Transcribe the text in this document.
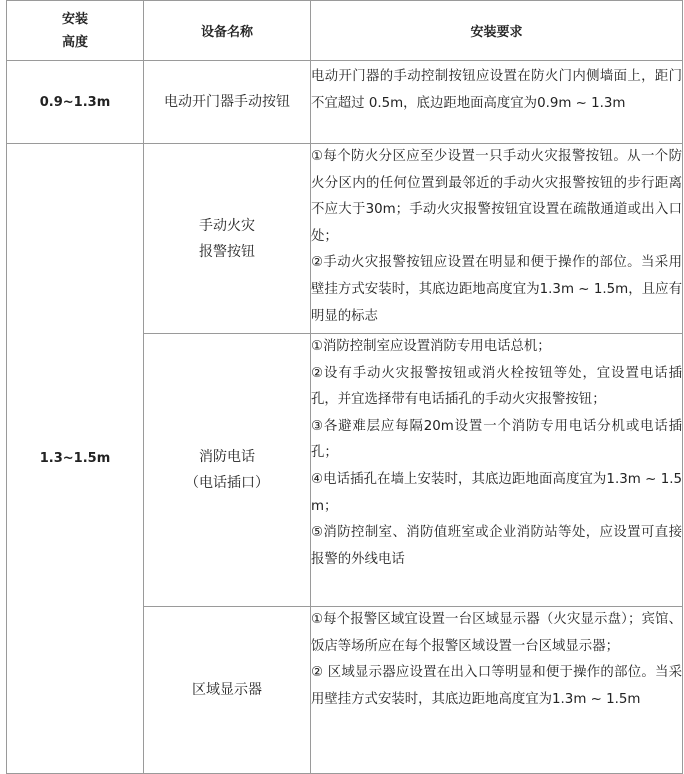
安装
高度	设备名称	安装要求
0.9~1.3m	电动开门器手动按钮	电动开门器的手动控制按钮应设置在防火门内侧墙面上，距门不宜超过 0.5m，底边距地面高度宜为0.9m ~ 1.3m

1.3~1.5m	手动火灾
报警按钮	①每个防火分区应至少设置一只手动火灾报警按钮。从一个防火分区内的任何位置到最邻近的手动火灾报警按钮的步行距离不应大于30m；手动火灾报警按钮宜设置在疏散通道或出入口处；
②手动火灾报警按钮应设置在明显和便于操作的部位。当采用壁挂方式安装时，其底边距地高度宜为1.3m ~ 1.5m，且应有明显的标志

	消防电话
（电话插口）	①消防控制室应设置消防专用电话总机；
②设有手动火灾报警按钮或消火栓按钮等处，宜设置电话插孔，并宜选择带有电话插孔的手动火灾报警按钮；
③各避难层应每隔20m设置一个消防专用电话分机或电话插孔；
④电话插孔在墙上安装时，其底边距地面高度宜为1.3m ~ 1.5m；
⑤消防控制室、消防值班室或企业消防站等处，应设置可直接报警的外线电话

	区域显示器	①每个报警区域宜设置一台区域显示器（火灾显示盘）；宾馆、饭店等场所应在每个报警区域设置一台区域显示器；
② 区域显示器应设置在出入口等明显和便于操作的部位。当采用壁挂方式安装时，其底边距地高度宜为1.3m ~ 1.5m
